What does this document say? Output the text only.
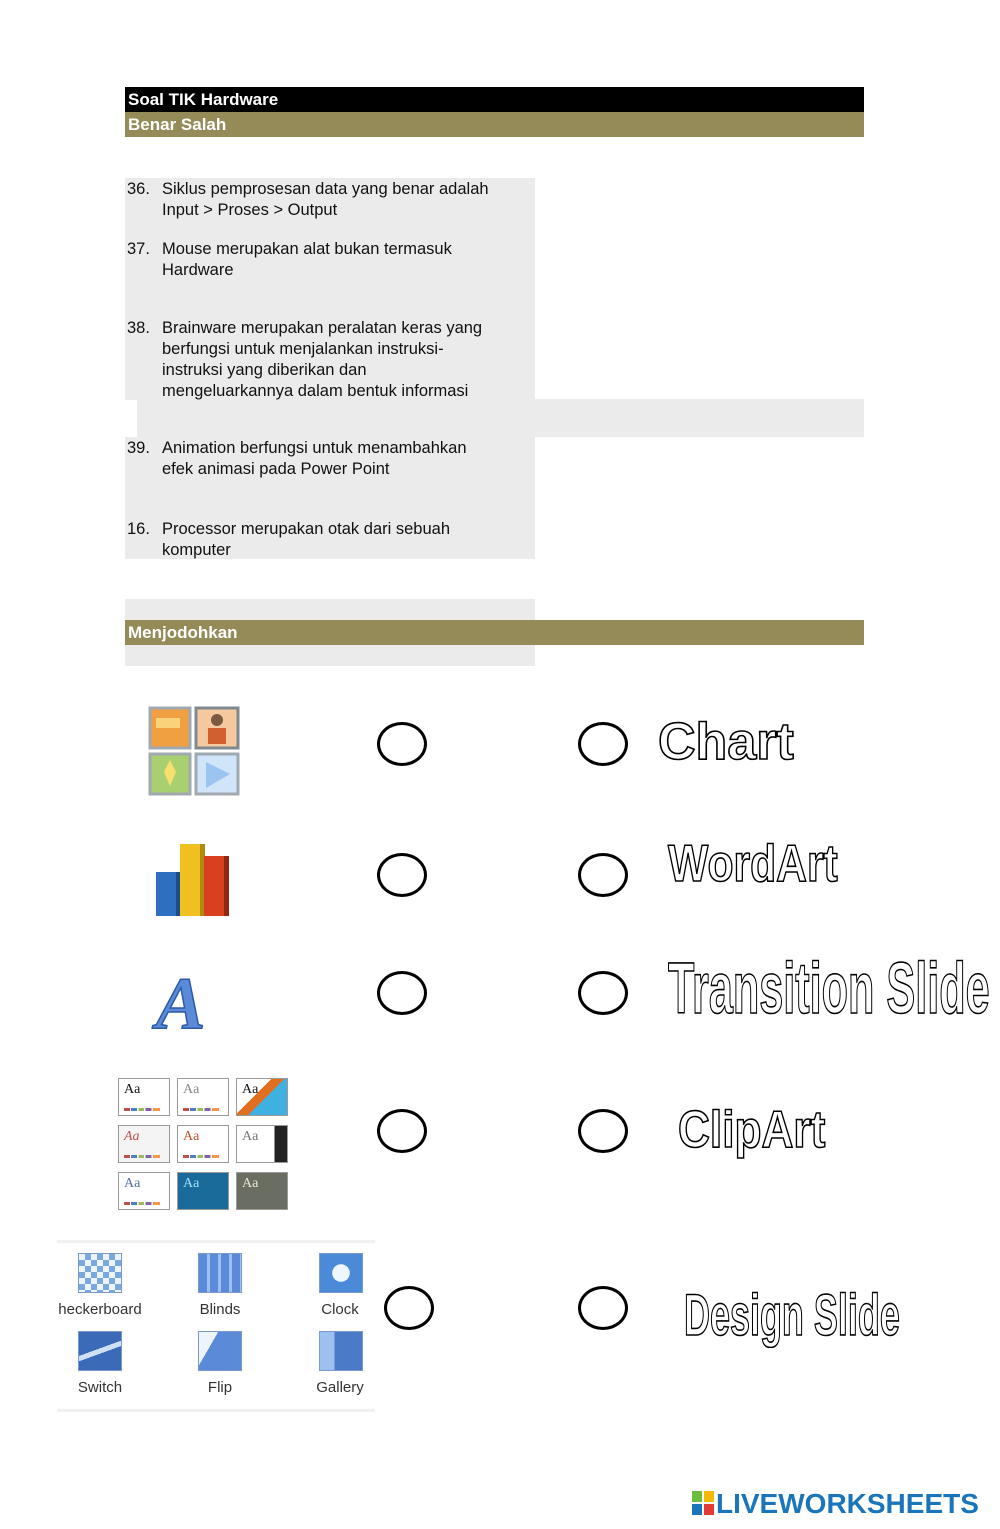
Soal TIK Hardware
Benar Salah
36. Siklus pemprosesan data yang benar adalah
Input > Proses > Output
37. Mouse merupakan alat bukan termasuk
Hardware
38. Brainware merupakan peralatan keras yang
berfungsi untuk menjalankan instruksi-
instruksi yang diberikan dan
mengeluarkannya dalam bentuk informasi
39. Animation berfungsi untuk menambahkan
efek animasi pada Power Point
16. Processor merupakan otak dari sebuah
komputer
Menjodohkan
A
Aa	Aa	Aa
Aa	Aa	Aa
Aa	Aa	Aa
heckerboard	Blinds	Clock
Switch	Flip	Gallery
Chart
WordArt
Transition Slide
ClipArt
Design Slide
LIVEWORKSHEETS
